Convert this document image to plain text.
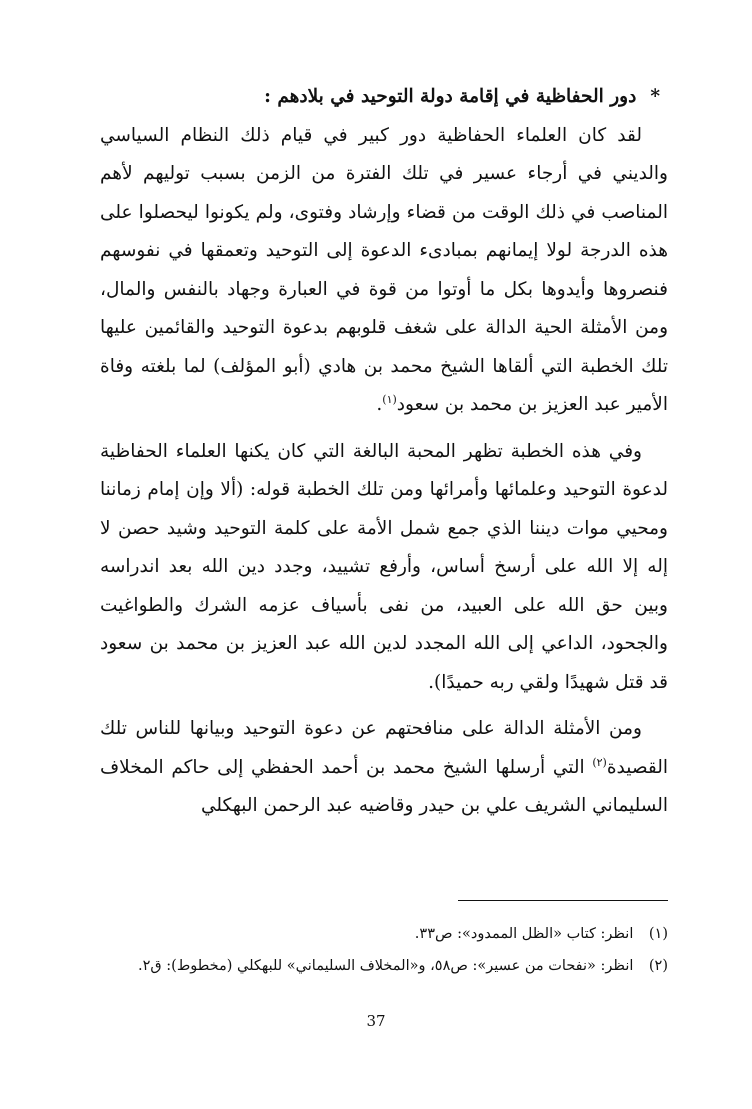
*دور الحفاظية في إقامة دولة التوحيد في بلادهم :

لقد كان العلماء الحفاظية دور كبير في قيام ذلك النظام السياسي والديني في أرجاء عسير في تلك الفترة من الزمن بسبب توليهم لأهم المناصب في ذلك الوقت من قضاء وإرشاد وفتوى، ولم يكونوا ليحصلوا على هذه الدرجة لولا إيمانهم بمبادىء الدعوة إلى التوحيد وتعمقها في نفوسهم فنصروها وأيدوها بكل ما أوتوا من قوة في العبارة وجهاد بالنفس والمال، ومن الأمثلة الحية الدالة على شغف قلوبهم بدعوة التوحيد والقائمين عليها تلك الخطبة التي ألقاها الشيخ محمد بن هادي (أبو المؤلف) لما بلغته وفاة الأمير عبد العزيز بن محمد بن سعود$^{(١)}$.

وفي هذه الخطبة تظهر المحبة البالغة التي كان يكنها العلماء الحفاظية لدعوة التوحيد وعلمائها وأمرائها ومن تلك الخطبة قوله: (ألا وإن إمام زماننا ومحيي موات ديننا الذي جمع شمل الأمة على كلمة التوحيد وشيد حصن لا إله إلا الله على أرسخ أساس، وأرفع تشييد، وجدد دين الله بعد اندراسه وبين حق الله على العبيد، من نفى بأسياف عزمه الشرك والطواغيت والجحود، الداعي إلى الله المجدد لدين الله عبد العزيز بن محمد بن سعود قد قتل شهيدًا ولقي ربه حميدًا).

ومن الأمثلة الدالة على منافحتهم عن دعوة التوحيد وبيانها للناس تلك القصيدة$^{(٢)}$ التي أرسلها الشيخ محمد بن أحمد الحفظي إلى حاكم المخلاف السليماني الشريف علي بن حيدر وقاضيه عبد الرحمن البهكلي

(١) انظر: كتاب «الظل الممدود»: ص٣٣.
(٢) انظر: «نفحات من عسير»: ص٥٨، و«المخلاف السليماني» للبهكلي (مخطوط): ق٢.
37
